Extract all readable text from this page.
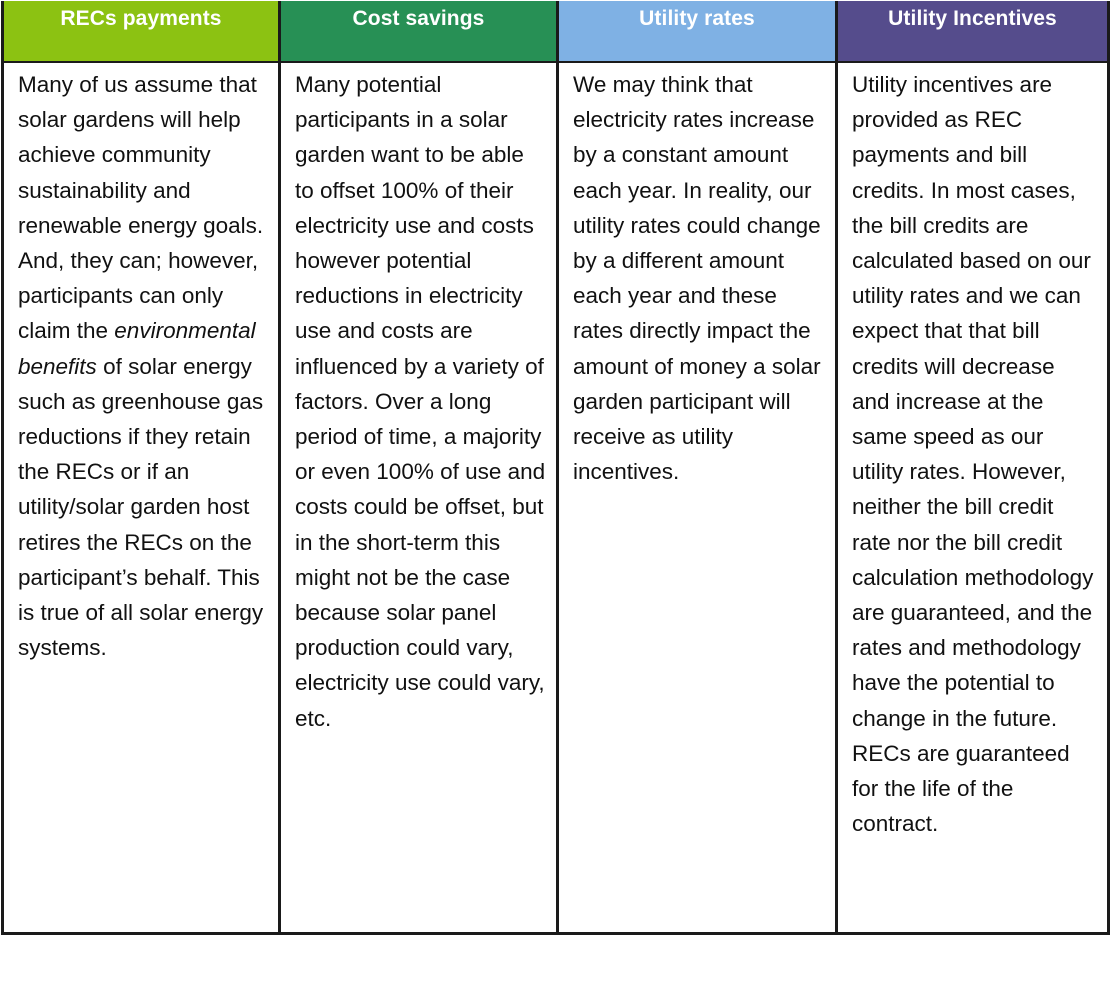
RECs payments
Many of us assume that solar gardens will help achieve community sustainability and renewable energy goals. And, they can; however, participants can only claim the environmental benefits of solar energy such as greenhouse gas reductions if they retain the RECs or if an utility/solar garden host retires the RECs on the participant’s behalf. This is true of all solar energy systems.
Cost savings
Many potential participants in a solar garden want to be able to offset 100% of their electricity use and costs however potential reductions in electricity use and costs are influenced by a variety of factors. Over a long period of time, a majority or even 100% of use and costs could be offset, but in the short-term this might not be the case because solar panel production could vary, electricity use could vary, etc.
Utility rates
We may think that electricity rates increase by a constant amount each year. In reality, our utility rates could change by a different amount each year and these rates directly impact the amount of money a solar garden participant will receive as utility incentives.
Utility Incentives
Utility incentives are provided as REC payments and bill credits. In most cases, the bill credits are calculated based on our utility rates and we can expect that that bill credits will decrease and increase at the same speed as our utility rates. However, neither the bill credit rate nor the bill credit calculation methodology are guaranteed, and the rates and methodology have the potential to change in the future. RECs are guaranteed for the life of the contract.
